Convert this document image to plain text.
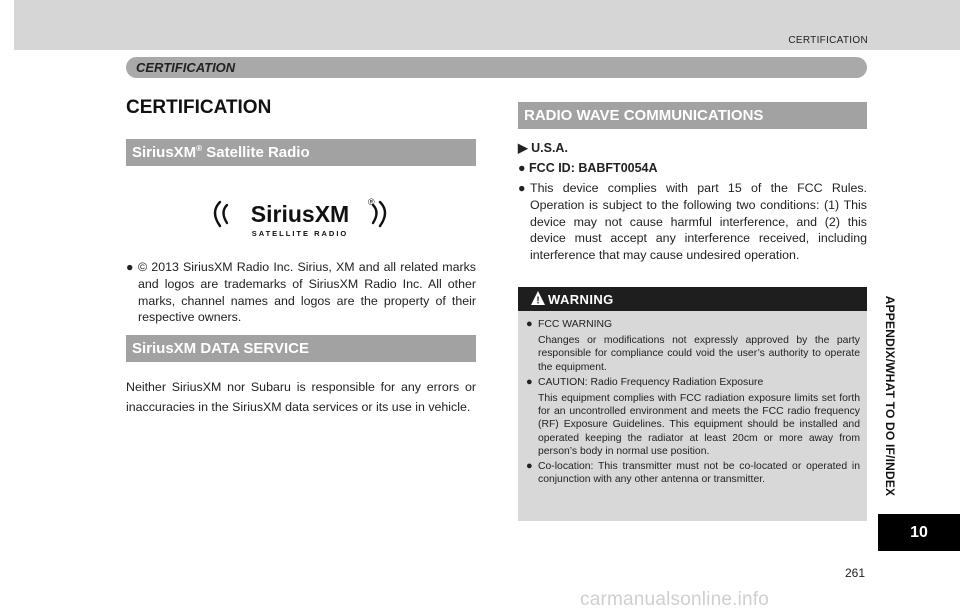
CERTIFICATION
CERTIFICATION
CERTIFICATION
SiriusXM® Satellite Radio
SiriusXM ®
SATELLITE RADIO
● © 2013 SiriusXM Radio Inc. Sirius, XM and all related marks and logos are trademarks of SiriusXM Radio Inc. All other marks, channel names and logos are the property of their respective owners.
SiriusXM DATA SERVICE
Neither SiriusXM nor Subaru is responsible for any errors or inaccuracies in the SiriusXM data services or its use in vehicle.
RADIO WAVE COMMUNICATIONS
▶ U.S.A.
● FCC ID: BABFT0054A
● This device complies with part 15 of the FCC Rules. Operation is subject to the following two conditions: (1) This device may not cause harmful interference, and (2) this device must accept any interference received, including interference that may cause undesired operation.
! WARNING
● FCC WARNING
Changes or modifications not expressly approved by the party responsible for compliance could void the user’s authority to operate the equipment.
● CAUTION: Radio Frequency Radiation Exposure
This equipment complies with FCC radiation exposure limits set forth for an uncontrolled environment and meets the FCC radio frequency (RF) Exposure Guidelines. This equipment should be installed and operated keeping the radiator at least 20cm or more away from person’s body in normal use position.
● Co-location: This transmitter must not be co-located or operated in conjunction with any other antenna or transmitter.	APPENDIX/WHAT TO DO IF/INDEX
10
261
carmanualsonline.info
